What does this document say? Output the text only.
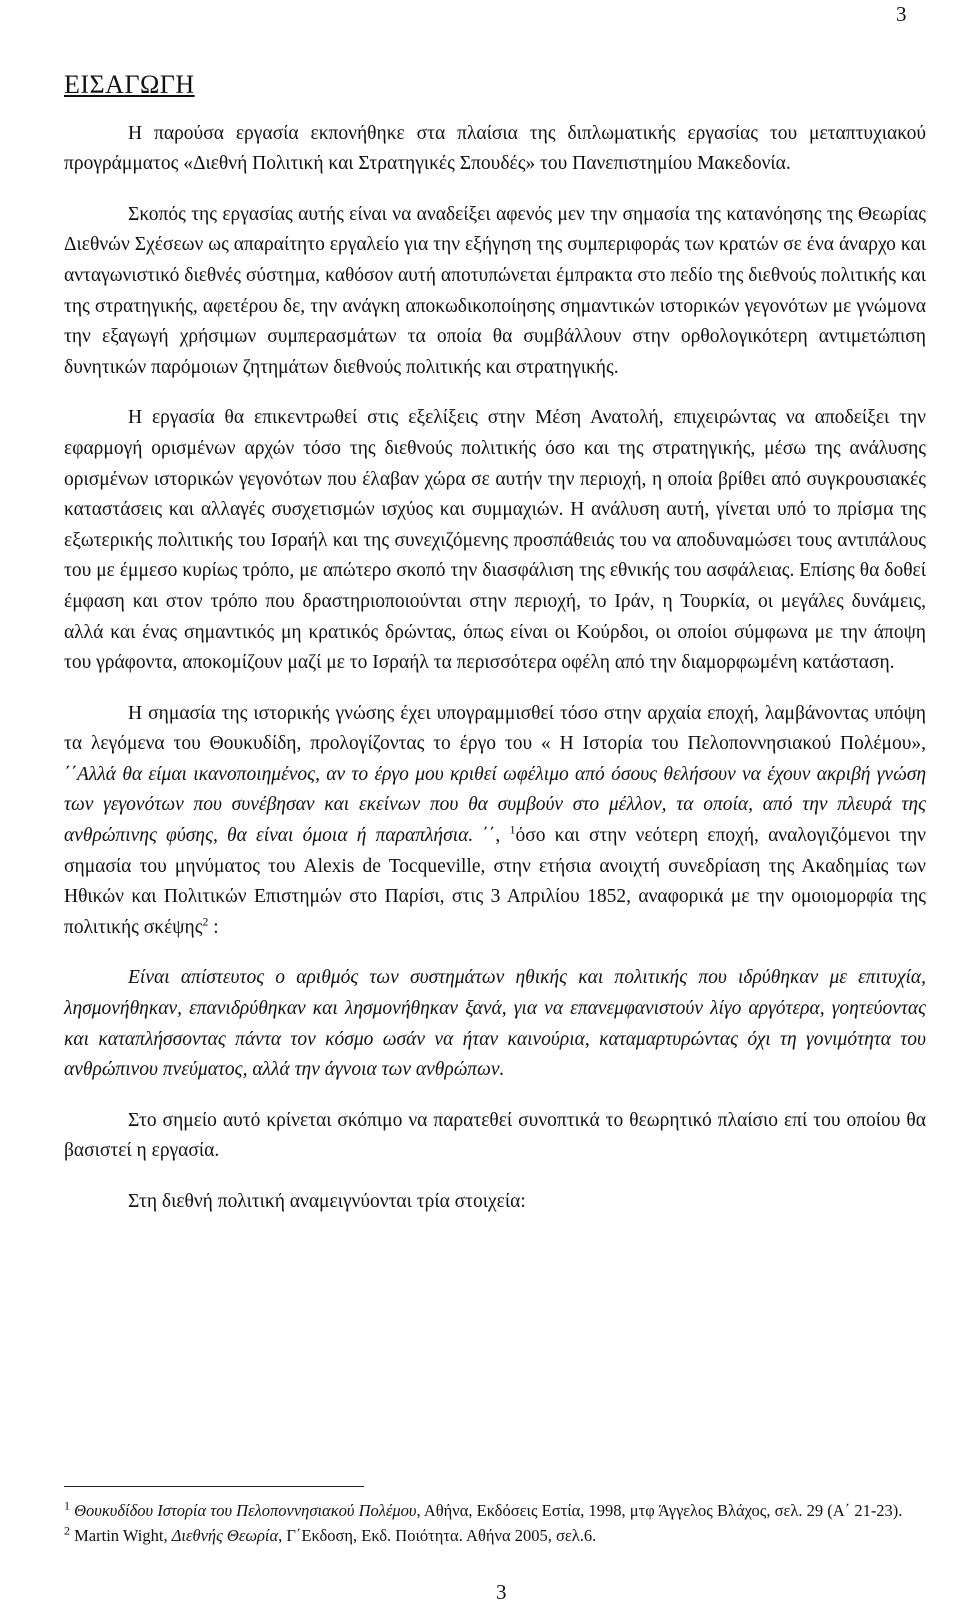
3
ΕΙΣΑΓΩΓΗ

Η παρούσα εργασία εκπονήθηκε στα πλαίσια της διπλωματικής εργασίας του μεταπτυχιακού προγράμματος «Διεθνή Πολιτική και Στρατηγικές Σπουδές» του Πανεπιστημίου Μακεδονία.

Σκοπός της εργασίας αυτής είναι να αναδείξει αφενός μεν την σημασία της κατανόησης της Θεωρίας Διεθνών Σχέσεων ως απαραίτητο εργαλείο για την εξήγηση της συμπεριφοράς των κρατών σε ένα άναρχο και ανταγωνιστικό διεθνές σύστημα, καθόσον αυτή αποτυπώνεται έμπρακτα στο πεδίο της διεθνούς πολιτικής και της στρατηγικής, αφετέρου δε, την ανάγκη αποκωδικοποίησης σημαντικών ιστορικών γεγονότων με γνώμονα την εξαγωγή χρήσιμων συμπερασμάτων τα οποία θα συμβάλλουν στην ορθολογικότερη αντιμετώπιση δυνητικών παρόμοιων ζητημάτων διεθνούς πολιτικής και στρατηγικής.

Η εργασία θα επικεντρωθεί στις εξελίξεις στην Μέση Ανατολή, επιχειρώντας να αποδείξει την εφαρμογή ορισμένων αρχών τόσο της διεθνούς πολιτικής όσο και της στρατηγικής, μέσω της ανάλυσης ορισμένων ιστορικών γεγονότων που έλαβαν χώρα σε αυτήν την περιοχή, η οποία βρίθει από συγκρουσιακές καταστάσεις και αλλαγές συσχετισμών ισχύος και συμμαχιών. Η ανάλυση αυτή, γίνεται υπό το πρίσμα της εξωτερικής πολιτικής του Ισραήλ και της συνεχιζόμενης προσπάθειάς του να αποδυναμώσει τους αντιπάλους του με έμμεσο κυρίως τρόπο, με απώτερο σκοπό την διασφάλιση της εθνικής του ασφάλειας. Επίσης θα δοθεί έμφαση και στον τρόπο που δραστηριοποιούνται στην περιοχή, το Ιράν, η Τουρκία, οι μεγάλες δυνάμεις, αλλά και ένας σημαντικός μη κρατικός δρώντας, όπως είναι οι Κούρδοι, οι οποίοι σύμφωνα με την άποψη του γράφοντα, αποκομίζουν μαζί με το Ισραήλ τα περισσότερα οφέλη από την διαμορφωμένη κατάσταση.

Η σημασία της ιστορικής γνώσης έχει υπογραμμισθεί τόσο στην αρχαία εποχή, λαμβάνοντας υπόψη τα λεγόμενα του Θουκυδίδη, προλογίζοντας το έργο του « Η Ιστορία του Πελοποννησιακού Πολέμου», ΄΄Αλλά θα είμαι ικανοποιημένος, αν το έργο μου κριθεί ωφέλιμο από όσους θελήσουν να έχουν ακριβή γνώση των γεγονότων που συνέβησαν και εκείνων που θα συμβούν στο μέλλον, τα οποία, από την πλευρά της ανθρώπινης φύσης, θα είναι όμοια ή παραπλήσια. ΄΄, $^1$όσο και στην νεότερη εποχή, αναλογιζόμενοι την σημασία του μηνύματος του Alexis de Tocqueville, στην ετήσια ανοιχτή συνεδρίαση της Ακαδημίας των Ηθικών και Πολιτικών Επιστημών στο Παρίσι, στις 3 Απριλίου 1852, αναφορικά με την ομοιομορφία της πολιτικής σκέψης$^2$ :

Είναι απίστευτος ο αριθμός των συστημάτων ηθικής και πολιτικής που ιδρύθηκαν με επιτυχία, λησμονήθηκαν, επανιδρύθηκαν και λησμονήθηκαν ξανά, για να επανεμφανιστούν λίγο αργότερα, γοητεύοντας και καταπλήσσοντας πάντα τον κόσμο ωσάν να ήταν καινούρια, καταμαρτυρώντας όχι τη γονιμότητα του ανθρώπινου πνεύματος, αλλά την άγνοια των ανθρώπων.

Στο σημείο αυτό κρίνεται σκόπιμο να παρατεθεί συνοπτικά το θεωρητικό πλαίσιο επί του οποίου θα βασιστεί η εργασία.

Στη διεθνή πολιτική αναμειγνύονται τρία στοιχεία:

$^1$ Θουκυδίδου Ιστορία του Πελοποννησιακού Πολέμου, Αθήνα, Εκδόσεις Εστία, 1998, μτφ Άγγελος Βλάχος, σελ. 29 (Α΄ 21-23).
$^2$ Martin Wight, Διεθνής Θεωρία, Γ΄Εκδοση, Εκδ. Ποιότητα. Αθήνα 2005, σελ.6.
3
